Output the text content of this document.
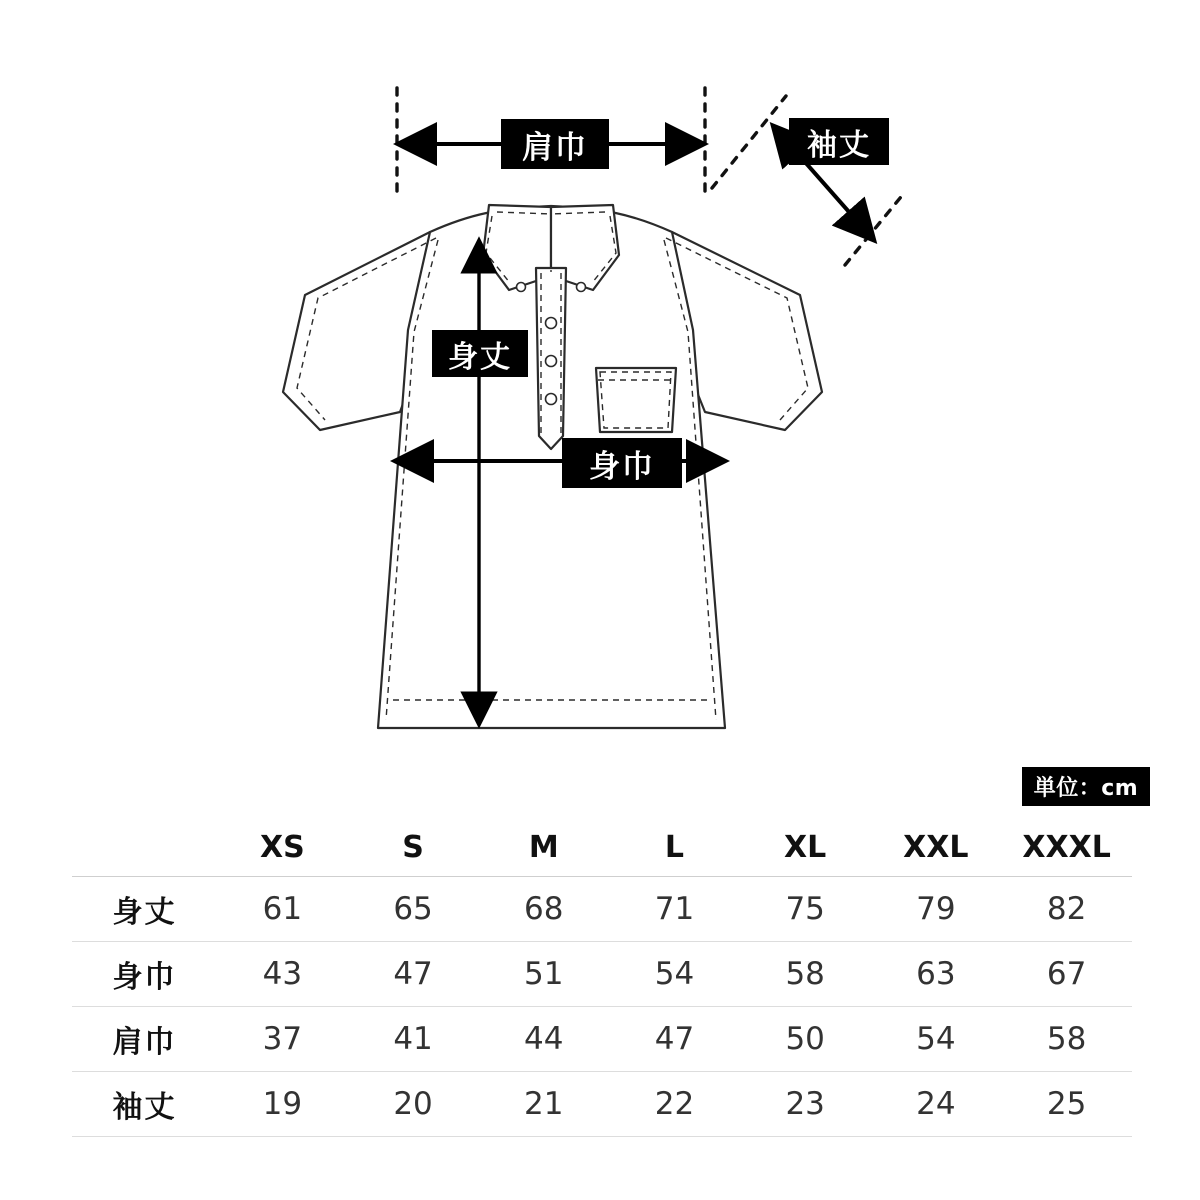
肩巾	袖丈
身丈
身巾
単位：cm
	XS	S	M	L	XL	XXL	XXXL
身丈	61	65	68	71	75	79	82
身巾	43	47	51	54	58	63	67
肩巾	37	41	44	47	50	54	58
袖丈	19	20	21	22	23	24	25
